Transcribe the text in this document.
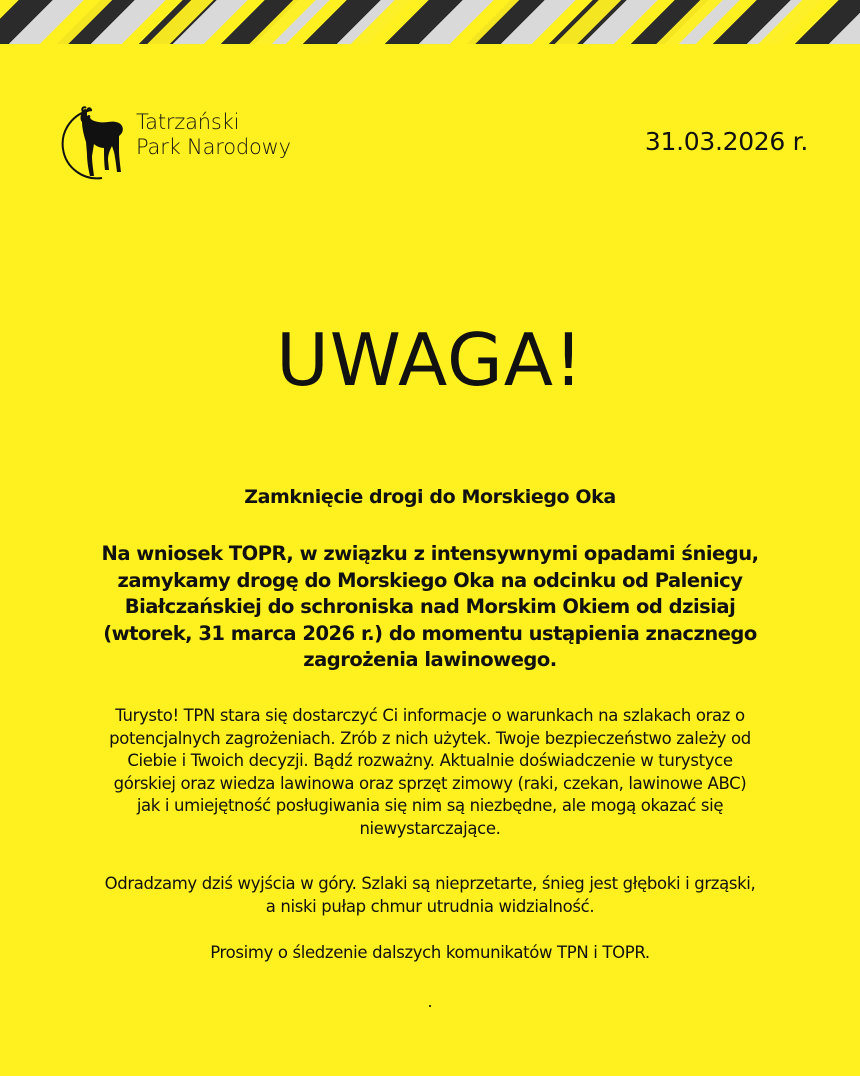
Tatrzański
Park Narodowy	31.03.2026 r.
UWAGA!
Zamknięcie drogi do Morskiego Oka
Na wniosek TOPR, w związku z intensywnymi opadami śniegu,
zamykamy drogę do Morskiego Oka na odcinku od Palenicy
Białczańskiej do schroniska nad Morskim Okiem od dzisiaj
(wtorek, 31 marca 2026 r.) do momentu ustąpienia znacznego
zagrożenia lawinowego.
Turysto! TPN stara się dostarczyć Ci informacje o warunkach na szlakach oraz o
potencjalnych zagrożeniach. Zrób z nich użytek. Twoje bezpieczeństwo zależy od
Ciebie i Twoich decyzji. Bądź rozważny. Aktualnie doświadczenie w turystyce
górskiej oraz wiedza lawinowa oraz sprzęt zimowy (raki, czekan, lawinowe ABC)
jak i umiejętność posługiwania się nim są niezbędne, ale mogą okazać się
niewystarczające.
Odradzamy dziś wyjścia w góry. Szlaki są nieprzetarte, śnieg jest głęboki i grząski,
a niski pułap chmur utrudnia widzialność.
Prosimy o śledzenie dalszych komunikatów TPN i TOPR.
.
